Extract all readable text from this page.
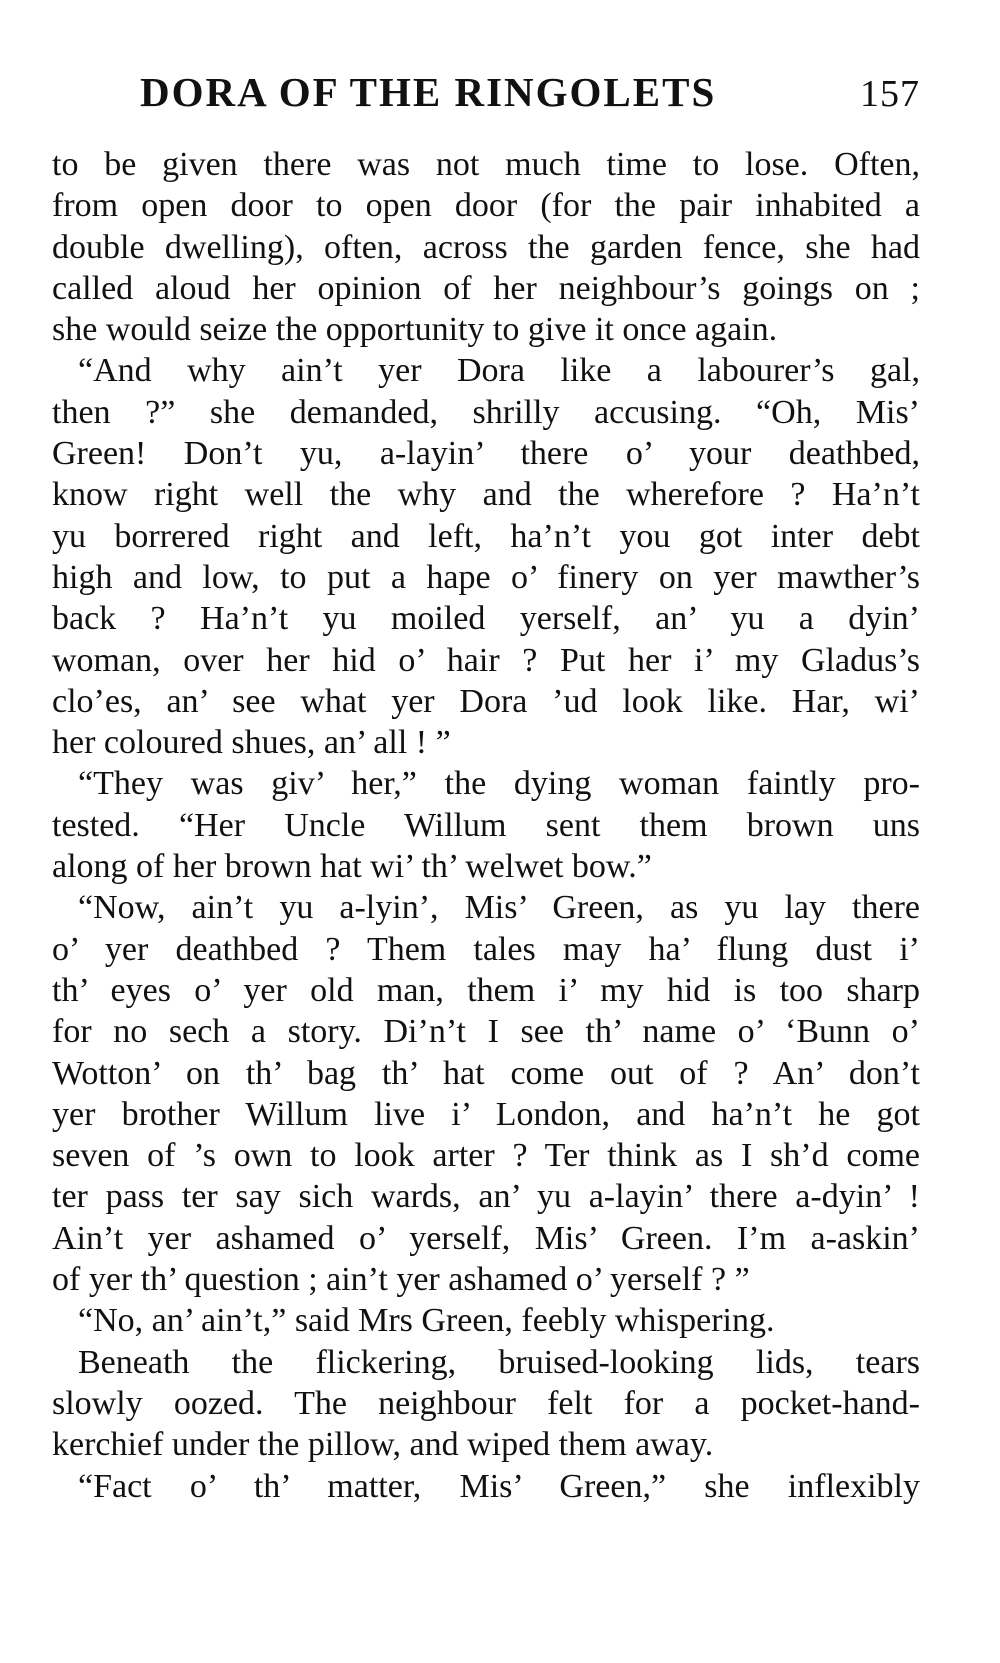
DORA OF THE RINGOLETS	157
to be given there was not much time to lose. Often,
from open door to open door (for the pair inhabited a
double dwelling), often, across the garden fence, she had
called aloud her opinion of her neighbour’s goings on ;
she would seize the opportunity to give it once again.
“And why ain’t yer Dora like a labourer’s gal,
then ?” she demanded, shrilly accusing. “Oh, Mis’
Green! Don’t yu, a-layin’ there o’ your deathbed,
know right well the why and the wherefore ? Ha’n’t
yu borrered right and left, ha’n’t you got inter debt
high and low, to put a hape o’ finery on yer mawther’s
back ? Ha’n’t yu moiled yerself, an’ yu a dyin’
woman, over her hid o’ hair ? Put her i’ my Gladus’s
clo’es, an’ see what yer Dora ’ud look like. Har, wi’
her coloured shues, an’ all ! ”
“They was giv’ her,” the dying woman faintly pro-
tested. “Her Uncle Willum sent them brown uns
along of her brown hat wi’ th’ welwet bow.”
“Now, ain’t yu a-lyin’, Mis’ Green, as yu lay there
o’ yer deathbed ? Them tales may ha’ flung dust i’
th’ eyes o’ yer old man, them i’ my hid is too sharp
for no sech a story. Di’n’t I see th’ name o’ ‘Bunn o’
Wotton’ on th’ bag th’ hat come out of ? An’ don’t
yer brother Willum live i’ London, and ha’n’t he got
seven of ’s own to look arter ? Ter think as I sh’d come
ter pass ter say sich wards, an’ yu a-layin’ there a-dyin’ !
Ain’t yer ashamed o’ yerself, Mis’ Green. I’m a-askin’
of yer th’ question ; ain’t yer ashamed o’ yerself ? ”
“No, an’ ain’t,” said Mrs Green, feebly whispering.
Beneath the flickering, bruised-looking lids, tears
slowly oozed. The neighbour felt for a pocket-hand-
kerchief under the pillow, and wiped them away.
“Fact o’ th’ matter, Mis’ Green,” she inflexibly
